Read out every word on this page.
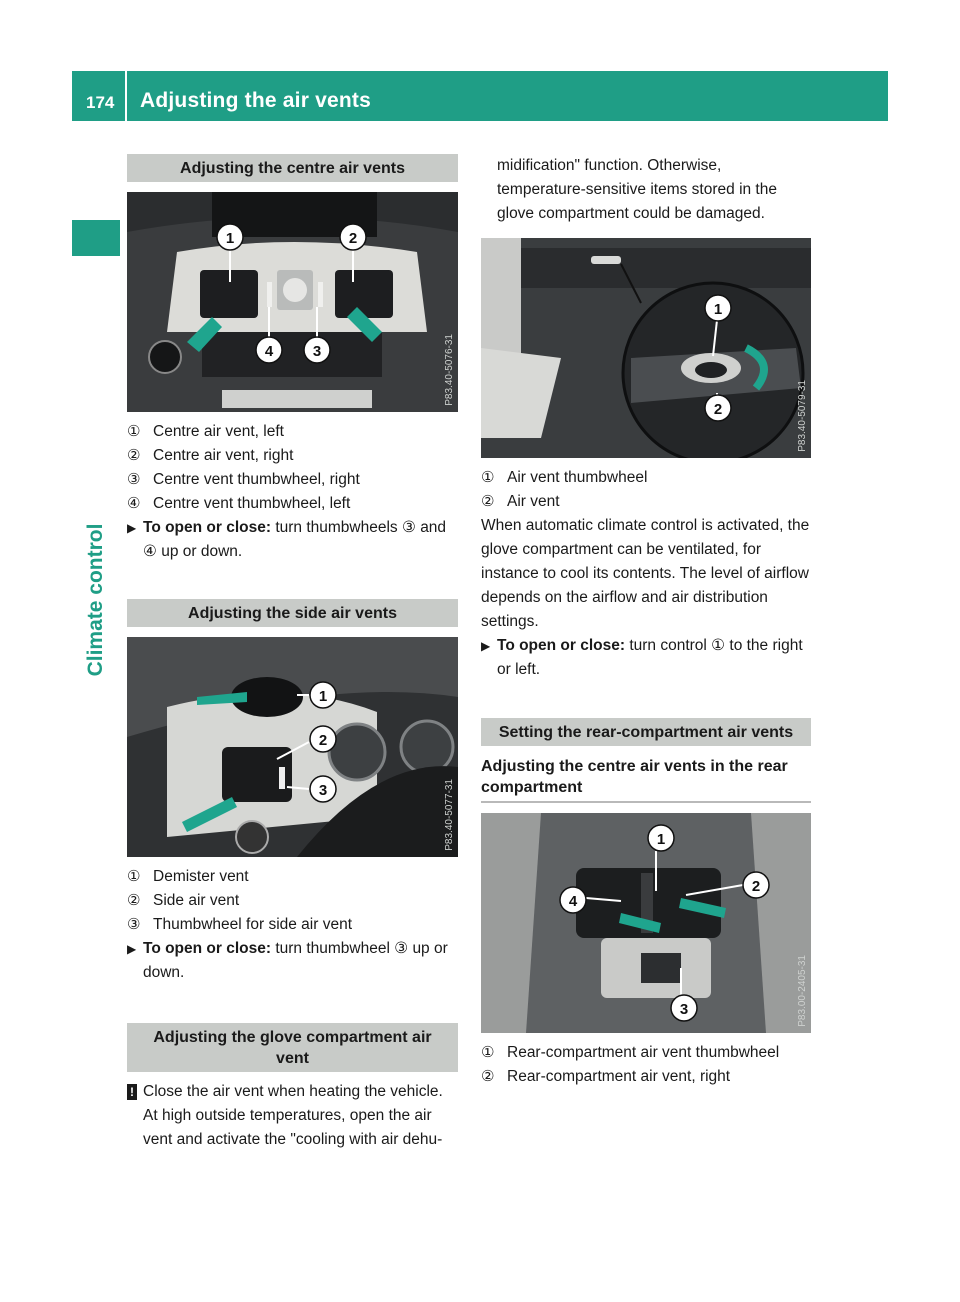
174 Adjusting the air vents
Climate control
Adjusting the centre air vents
1	2
3
4	P83.40-5076-31
① Centre air vent, left
② Centre air vent, right
③ Centre vent thumbwheel, right
④ Centre vent thumbwheel, left
▶ To open or close: turn thumbwheels ③ and ④ up or down.
Adjusting the side air vents
1
2
3	P83.40-5077-31
① Demister vent
② Side air vent
③ Thumbwheel for side air vent
▶ To open or close: turn thumbwheel ③ up or down.
Adjusting the glove compartment air vent
! Close the air vent when heating the vehicle.
At high outside temperatures, open the air vent and activate the "cooling with air dehu-
midification" function. Otherwise, temperature-sensitive items stored in the glove compartment could be damaged.
1
2	P83.40-5079-31
① Air vent thumbwheel
② Air vent
When automatic climate control is activated, the glove compartment can be ventilated, for instance to cool its contents. The level of airflow depends on the airflow and air distribution settings.
▶ To open or close: turn control ① to the right or left.
Setting the rear-compartment air vents
Adjusting the centre air vents in the rear compartment
1
2
3
4
P83.00-2405-31
① Rear-compartment air vent thumbwheel
② Rear-compartment air vent, right
